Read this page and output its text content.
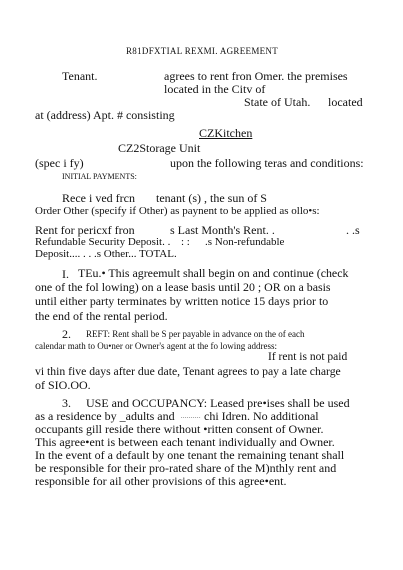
R81DFXTIAL REXMI. AGREEMENT
Tenant.	agrees to rent fron Omer. the premises
located in the Citv of
State of Utah. located
at (address) Apt. # consisting
CZKitchen
CZ2Storage Unit
(spec i fy)	upon the following teras and conditions:
INITIAL PAYMENTS:
Rece i ved frcn tenant (s) , the sun of S
Order Other (specify if Other) as paynent to be applied as ollo•s:
Rent for pericxf fron	s Last Month's Rent. .	. .s
Refundable Security Deposit. . : : .s Non-refundable
Deposit.... . . .s Other... TOTAL.
I. TEu.• This agreemult shall begin on and continue (check
one of the fol lowing) on a lease basis until 20 ; OR on a basis
until either party terminates by written notice 15 days prior to
the end of the rental period.
2. REFT: Rent shall be S per payable in advance on the of each
calendar math to Ou•ner or Owner's agent at the fo lowing address:
If rent is not paid
vi thin five days after due date, Tenant agrees to pay a late charge
of SIO.OO.
3. USE and OCCUPANCY: Leased pre•ises shall be used
as a residence by _adults and .......... chi Idren. No additional
occupants gill reside there without •ritten consent of Owner.
This agree•ent is between each tenant individually and Owner.
In the event of a default by one tenant the remaining tenant shall
be responsible for their pro-rated share of the M)nthly rent and
responsible for ail other provisions of this agree•ent.
